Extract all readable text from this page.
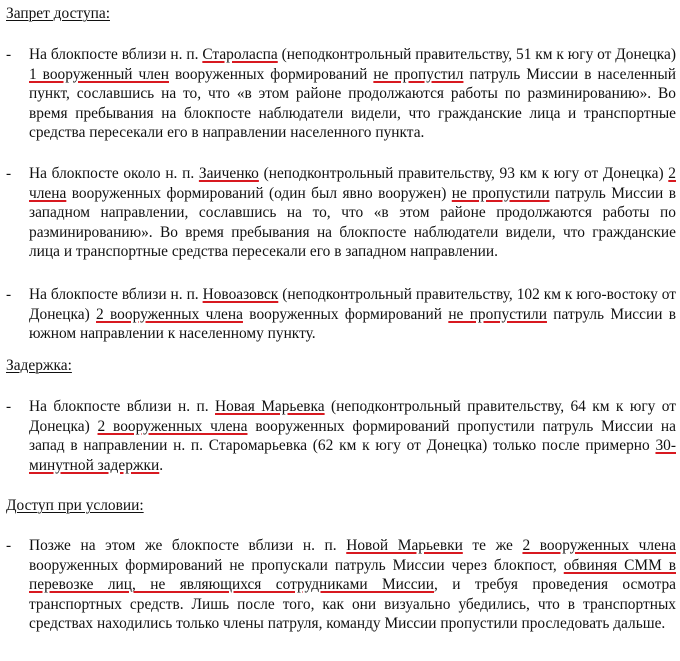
Запрет доступа:
- На блокпосте вблизи н. п. Староласпа (неподконтрольный правительству, 51 км к югу от Донецка) 1 вооруженный член вооруженных формирований не пропустил патруль Миссии в населенный пункт, сославшись на то, что «в этом районе продолжаются работы по разминированию». Во время пребывания на блокпосте наблюдатели видели, что гражданские лица и транспортные средства пересекали его в направлении населенного пункта.
- На блокпосте около н. п. Заиченко (неподконтрольный правительству, 93 км к югу от Донецка) 2 члена вооруженных формирований (один был явно вооружен) не пропустили патруль Миссии в западном направлении, сославшись на то, что «в этом районе продолжаются работы по разминированию». Во время пребывания на блокпосте наблюдатели видели, что гражданские лица и транспортные средства пересекали его в западном направлении.
- На блокпосте вблизи н. п. Новоазовск (неподконтрольный правительству, 102 км к юго-востоку от Донецка) 2 вооруженных члена вооруженных формирований не пропустили патруль Миссии в южном направлении к населенному пункту.
Задержка:
- На блокпосте вблизи н. п. Новая Марьевка (неподконтрольный правительству, 64 км к югу от Донецка) 2 вооруженных члена вооруженных формирований пропустили патруль Миссии на запад в направлении н. п. Старомарьевка (62 км к югу от Донецка) только после примерно 30-минутной задержки.
Доступ при условии:
- Позже на этом же блокпосте вблизи н. п. Новой Марьевки те же 2 вооруженных члена вооруженных формирований не пропускали патруль Миссии через блокпост, обвиняя СММ в перевозке лиц, не являющихся сотрудниками Миссии, и требуя проведения осмотра транспортных средств. Лишь после того, как они визуально убедились, что в транспортных средствах находились только члены патруля, команду Миссии пропустили проследовать дальше.
